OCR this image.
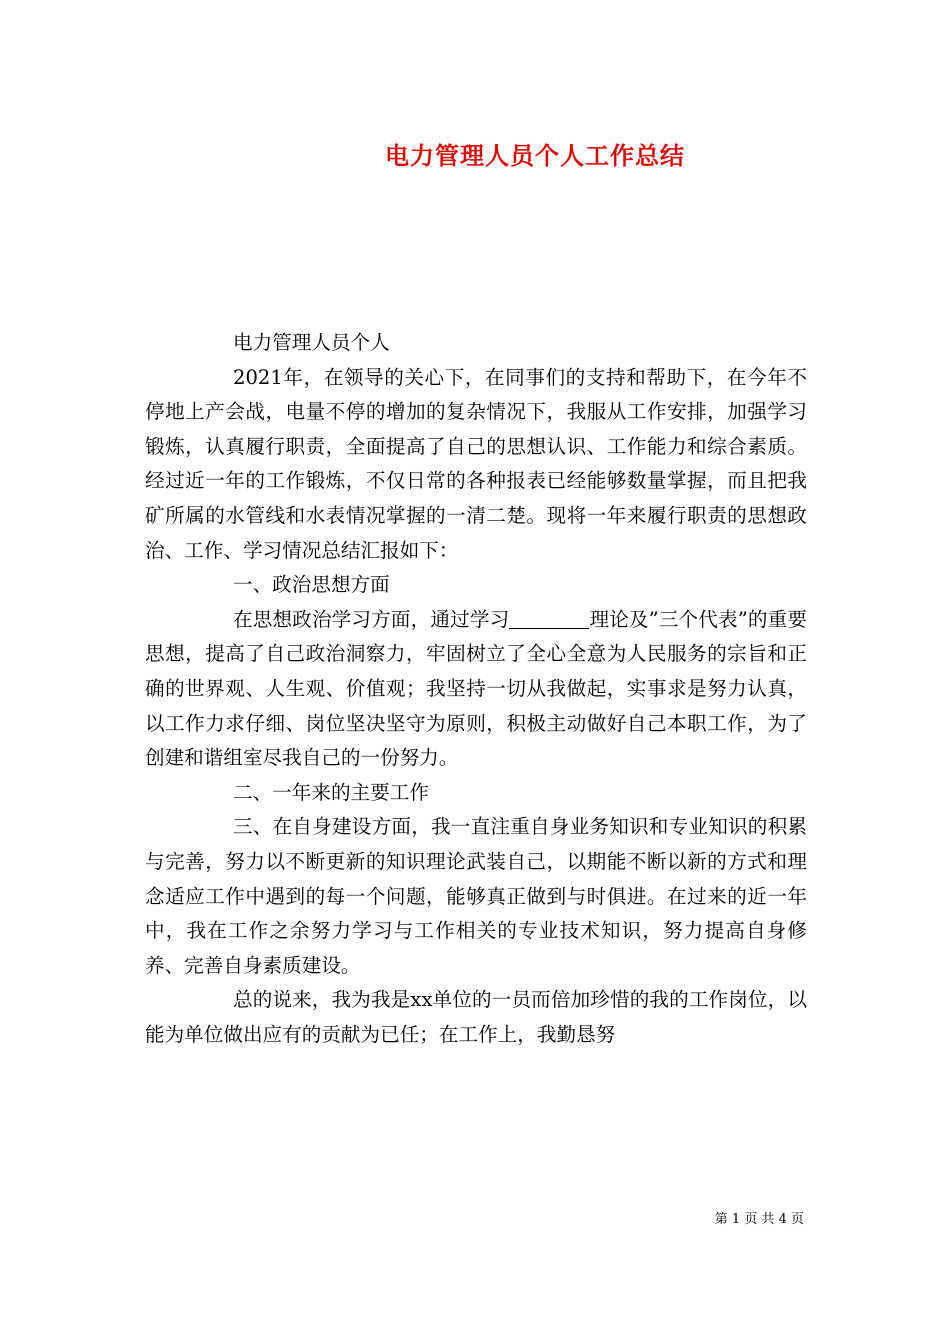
电力管理人员个人工作总结

电力管理人员个人

2021年，在领导的关心下，在同事们的支持和帮助下，在今年不停地上产会战，电量不停的增加的复杂情况下，我服从工作安排，加强学习锻炼，认真履行职责，全面提高了自己的思想认识、工作能力和综合素质。经过近一年的工作锻炼，不仅日常的各种报表已经能够数量掌握，而且把我矿所属的水管线和水表情况掌握的一清二楚。现将一年来履行职责的思想政治、工作、学习情况总结汇报如下：

一、政治思想方面

在思想政治学习方面，通过学习	理论及”三个代表”的重要思想，提高了自己政治洞察力，牢固树立了全心全意为人民服务的宗旨和正确的世界观、人生观、价值观；我坚持一切从我做起，实事求是努力认真，以工作力求仔细、岗位坚决坚守为原则，积极主动做好自己本职工作，为了创建和谐组室尽我自己的一份努力。

二、一年来的主要工作

三、在自身建设方面，我一直注重自身业务知识和专业知识的积累与完善，努力以不断更新的知识理论武装自己，以期能不断以新的方式和理念适应工作中遇到的每一个问题，能够真正做到与时俱进。在过来的近一年中，我在工作之余努力学习与工作相关的专业技术知识，努力提高自身修养、完善自身素质建设。

总的说来，我为我是xx单位的一员而倍加珍惜的我的工作岗位，以能为单位做出应有的贡献为已任；在工作上，我勤恳努

第 1 页 共 4 页
